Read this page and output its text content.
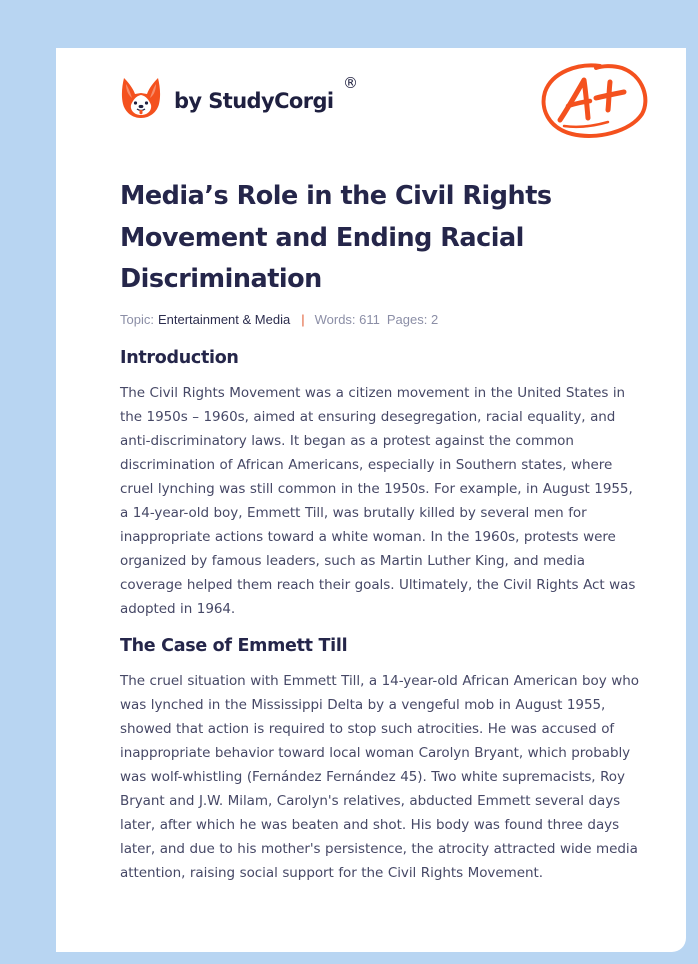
by StudyCorgi
®
Media’s Role in the Civil Rights Movement and Ending Racial Discrimination
Topic: Entertainment & Media | Words: 611 Pages: 2
Introduction

The Civil Rights Movement was a citizen movement in the United States in the 1950s – 1960s, aimed at ensuring desegregation, racial equality, and anti-discriminatory laws. It began as a protest against the common discrimination of African Americans, especially in Southern states, where cruel lynching was still common in the 1950s. For example, in August 1955, a 14-year-old boy, Emmett Till, was brutally killed by several men for inappropriate actions toward a white woman. In the 1960s, protests were organized by famous leaders, such as Martin Luther King, and media coverage helped them reach their goals. Ultimately, the Civil Rights Act was adopted in 1964.

The Case of Emmett Till

The cruel situation with Emmett Till, a 14-year-old African American boy who was lynched in the Mississippi Delta by a vengeful mob in August 1955, showed that action is required to stop such atrocities. He was accused of inappropriate behavior toward local woman Carolyn Bryant, which probably was wolf-whistling (Fernández Fernández 45). Two white supremacists, Roy Bryant and J.W. Milam, Carolyn's relatives, abducted Emmett several days later, after which he was beaten and shot. His body was found three days later, and due to his mother's persistence, the atrocity attracted wide media attention, raising social support for the Civil Rights Movement.
